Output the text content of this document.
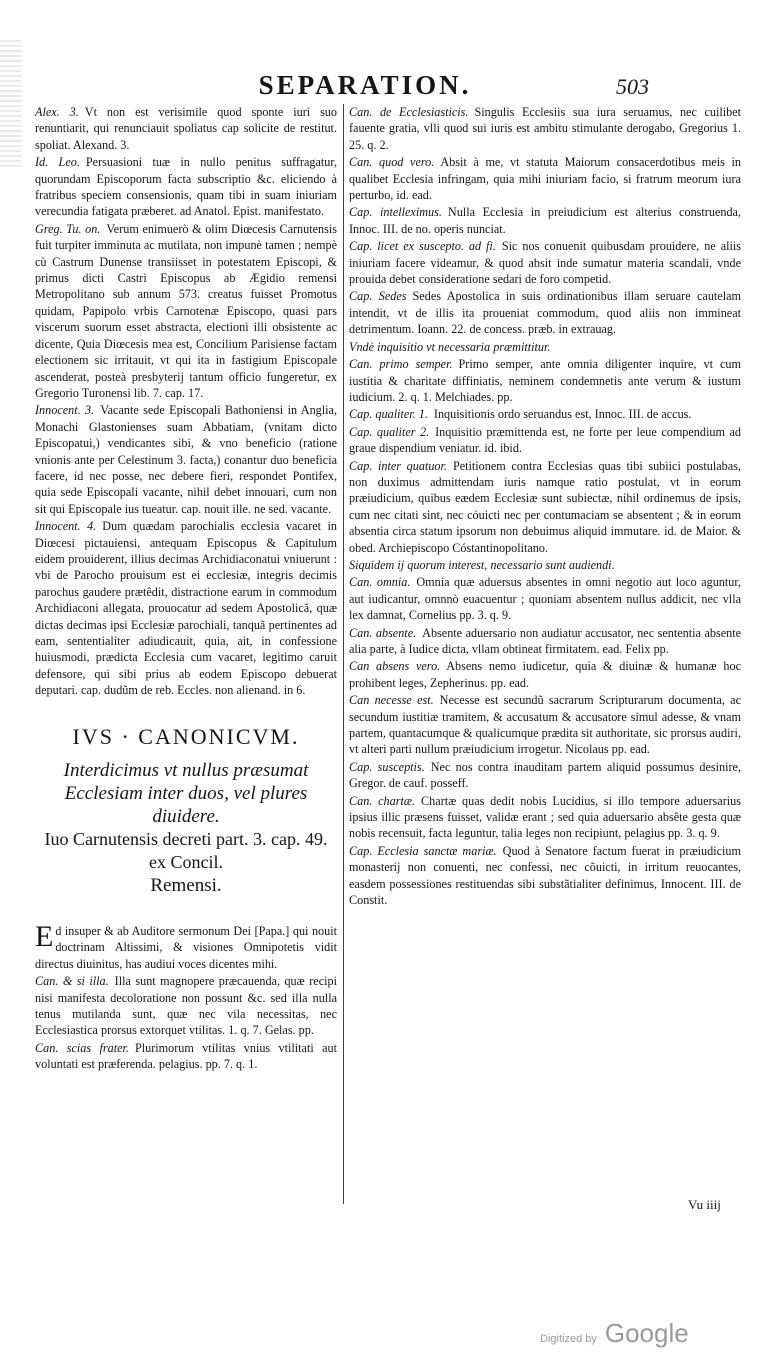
SEPARATION.	503

Alex. 3. Vt non est verisimile quod sponte iuri suo renuntiarit, qui renunciauit spoliatus cap solicite de restitut. spoliat. Alexand. 3.

Id. Leo. Persuasioni tuæ in nullo penitus suffragatur, quorundam Episcoporum facta subscriptio &c. eliciendo à fratribus speciem consensionis, quam tibi in suam iniuriam verecundia fatigata præberet. ad Anatol. Epist. manifestato.

Greg. Tu. on. Verum enimuerò & olim Diœcesis Carnutensis fuit turpiter imminuta ac mutilata, non impunè tamen ; nempè cù Castrum Dunense transiisset in potestatem Episcopi, & primus dicti Castri Episcopus ab Ægidio remensi Metropolitano sub annum 573. creatus fuisset Promotus quidam, Papipolo vrbis Carnotenæ Episcopo, quasi pars viscerum suorum esset abstracta, electioni illi obsistente ac dicente, Quia Diœcesis mea est, Concilium Parisiense factam electionem sic irritauit, vt qui ita in fastigium Episcopale ascenderat, posteà presbyterij tantum officio fungeretur, ex Gregorio Turonensi lib. 7. cap. 17.

Innocent. 3. Vacante sede Episcopali Bathoniensi in Anglia, Monachi Glastonienses suam Abbatiam, (vnitam dicto Episcopatui,) vendicantes sibi, & vno beneficio (ratione vnionis ante per Celestinum 3. facta,) conantur duo beneficia facere, id nec posse, nec debere fieri, respondet Pontifex, quia sede Episcopali vacante, nihil debet innouari, cum non sit qui Episcopale ius tueatur. cap. nouit ille. ne sed. vacante.

Innocent. 4. Dum quædam parochialis ecclesia vacaret in Diœcesi pictauiensi, antequam Episcopus & Capitulum eidem prouiderent, illius decimas Archidiaconatui vniuerunt : vbi de Parocho prouisum est ei ecclesiæ, integris decimis parochus gaudere prætêdit, distractione earum in commodum Archidiaconi allegata, prouocatur ad sedem Apostolicã, quæ dictas decimas ipsi Ecclesiæ parochiali, tanquã pertinentes ad eam, sententialiter adiudicauit, quia, ait, in confessione huiusmodi, prædicta Ecclesia cum vacaret, legitimo caruit defensore, qui sibi prius ab eodem Episcopo debuerat deputari. cap. dudũm de reb. Eccles. non alienand. in 6.

IVS · CANONICVM.

Interdicimus vt nullus præsumat Ecclesiam inter duos, vel plures diuidere.

Iuo Carnutensis decreti part. 3. cap. 49. ex Concil.

Remensi.

Ed insuper & ab Auditore sermonum Dei [Papa.] qui nouit doctrinam Altissimi, & visiones Omnipotetis vidit directus diuinitus, has audiui voces dicentes mihi.

Can. & si illa. Illa sunt magnopere præcauenda, quæ recipi nisi manifesta decoloratione non possunt &c. sed illa nulla tenus mutilanda sunt, quæ nec vila necessitas, nec Ecclesiastica prorsus extorquet vtilitas. 1. q. 7. Gelas. pp.

Can. scias frater. Plurimorum vtilitas vnius vtilitati aut voluntati est præferenda. pelagius. pp. 7. q. 1.

Can. de Ecclesiasticis. Singulis Ecclesiis sua iura seruamus, nec cuilibet fauente gratia, vlli quod sui iuris est ambitu stimulante derogabo, Gregorius 1. 25. q. 2.

Can. quod vero. Absit à me, vt statuta Maiorum consacerdotibus meis in qualibet Ecclesia infringam, quia mihi iniuriam facio, si fratrum meorum iura perturbo, id. ead.

Cap. intelleximus. Nulla Ecclesia in preiudicium est alterius construenda, Innoc. III. de no. operis nunciat.

Cap. licet ex suscepto. ad fi. Sic nos conuenit quibusdam prouidere, ne aliis iniuriam facere videamur, & quod absit inde sumatur materia scandali, vnde prouida debet consideratione sedari de foro competid.

Cap. Sedes Sedes Apostolica in suis ordinationibus illam seruare cautelam intendit, vt de illis ita proueniat commodum, quod aliis non immineat detrimentum. Ioann. 22. de concess. præb. in extrauag.

Vndè inquisitio vt necessaria præmittitur.

Can. primo semper. Primo semper, ante omnia diligenter inquire, vt cum iustitia & charitate diffiniatis, neminem condemnetis ante verum & iustum iudicium. 2. q. 1. Melchiades. pp.

Cap. qualiter. 1. Inquisitionis ordo seruandus est, Innoc. III. de accus.

Cap. qualiter 2. Inquisitio præmittenda est, ne forte per leue compendium ad graue dispendium veniatur. id. ibid.

Cap. inter quatuor. Petitionem contra Ecclesias quas tibi subiici postulabas, non duximus admittendam iuris namque ratio postulat, vt in eorum præiudicium, quibus eædem Ecclesiæ sunt subiectæ, nihil ordinemus de ipsis, cum nec citati sint, nec cóuicti nec per contumaciam se absentent ; & in eorum absentia circa statum ipsorum non debuimus aliquid immutare. id. de Maior. & obed. Archiepiscopo Cóstantinopolitano.

Siquidem ij quorum interest, necessario sunt audiendi.

Can. omnia. Omnia quæ aduersus absentes in omni negotio aut loco aguntur, aut iudicantur, omnnò euacuentur ; quoniam absentem nullus addicit, nec vlla lex damnat, Cornelius pp. 3. q. 9.

Can. absente. Absente aduersario non audiatur accusator, nec sententia absente alia parte, à Iudice dicta, vllam obtineat firmitatem. ead. Felix pp.

Can absens vero. Absens nemo iudicetur, quia & diuinæ & humanæ hoc prohibent leges, Zepherinus. pp. ead.

Can necesse est. Necesse est secundũ sacrarum Scripturarum documenta, ac secundum iustitiæ tramitem, & accusatum & accusatore simul adesse, & vnam partem, quantacumque & qualicumque prædita sit authoritate, sic prorsus audiri, vt alteri parti nullum præiudicium irrogetur. Nicolaus pp. ead.

Cap. susceptis. Nec nos contra inauditam partem aliquid possumus desinire, Gregor. de cauf. posseff.

Can. chartæ. Chartæ quas dedit nobis Lucidius, si illo tempore aduersarius ipsius illic præsens fuisset, validæ erant ; sed quia aduersario absête gesta quæ nobis recensuit, facta leguntur, talia leges non recipiunt, pelagius pp. 3. q. 9.

Cap. Ecclesia sanctæ mariæ. Quod à Senatore factum fuerat in præiudicium monasterij non conuenti, nec confessi, nec cõuicti, in irritum reuocantes, easdem possessiones restituendas sibi substãtialiter definimus, Innocent. III. de Constit.

Vu iiij
Digitized by Google
